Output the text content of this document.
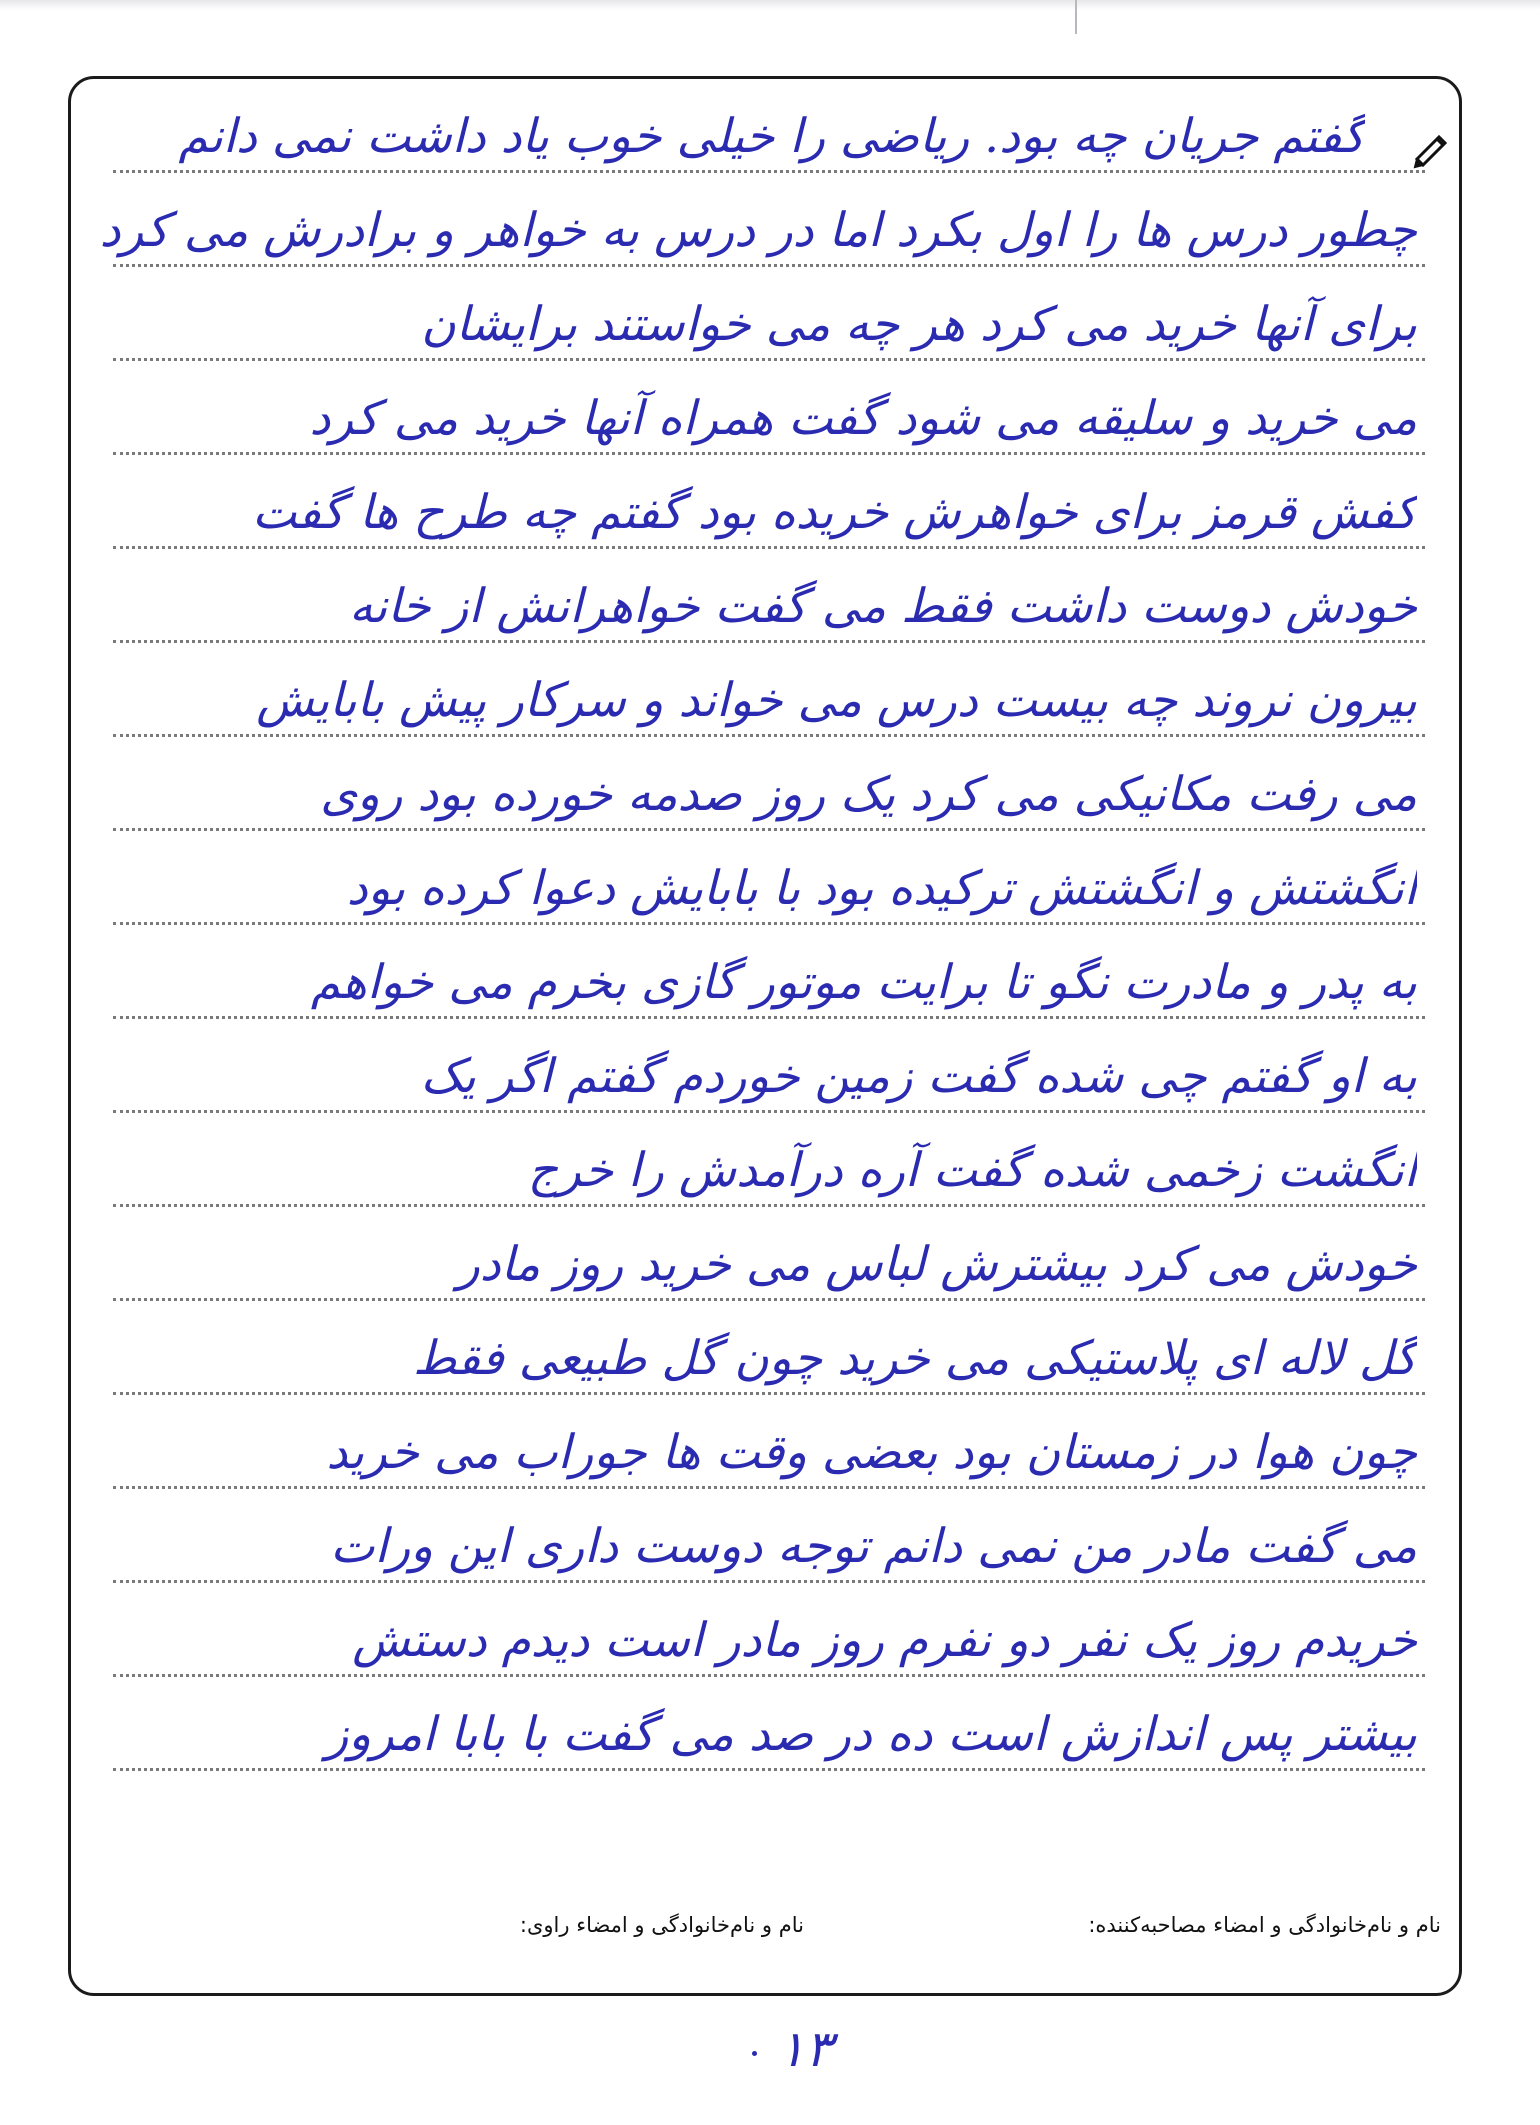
گفتم جریان چه بود. ریاضی را خیلی خوب یاد داشت نمی دانم
چطور درس ها را اول بکرد اما در درس به خواهر و برادرش می کرد
برای آنها خرید می کرد هر چه می خواستند برایشان
می خرید و سلیقه می شود گفت همراه آنها خرید می کرد
کفش قرمز برای خواهرش خریده بود گفتم چه طرح ها گفت
خودش دوست داشت فقط می گفت خواهرانش از خانه
بیرون نروند چه بیست درس می خواند و سرکار پیش بابایش
می رفت مکانیکی می کرد یک روز صدمه خورده بود روی
انگشتش و انگشتش ترکیده بود با بابایش دعوا کرده بود
به پدر و مادرت نگو تا برایت موتور گازی بخرم می خواهم
به او گفتم چی شده گفت زمین خوردم گفتم اگر یک
انگشت زخمی شده گفت آره درآمدش را خرج
خودش می کرد بیشترش لباس می خرید روز مادر
گل لاله ای پلاستیکی می خرید چون گل طبیعی فقط
چون هوا در زمستان بود بعضی وقت ها جوراب می خرید
می گفت مادر من نمی دانم توجه دوست داری این ورات
خریدم روز یک نفر دو نفرم روز مادر است دیدم دستش
بیشتر پس اندازش است ده در صد می گفت با بابا امروز
نام و نام‌خانوادگی و امضاء مصاحبه‌کننده:
نام و نام‌خانوادگی و امضاء راوی:
۱۳
